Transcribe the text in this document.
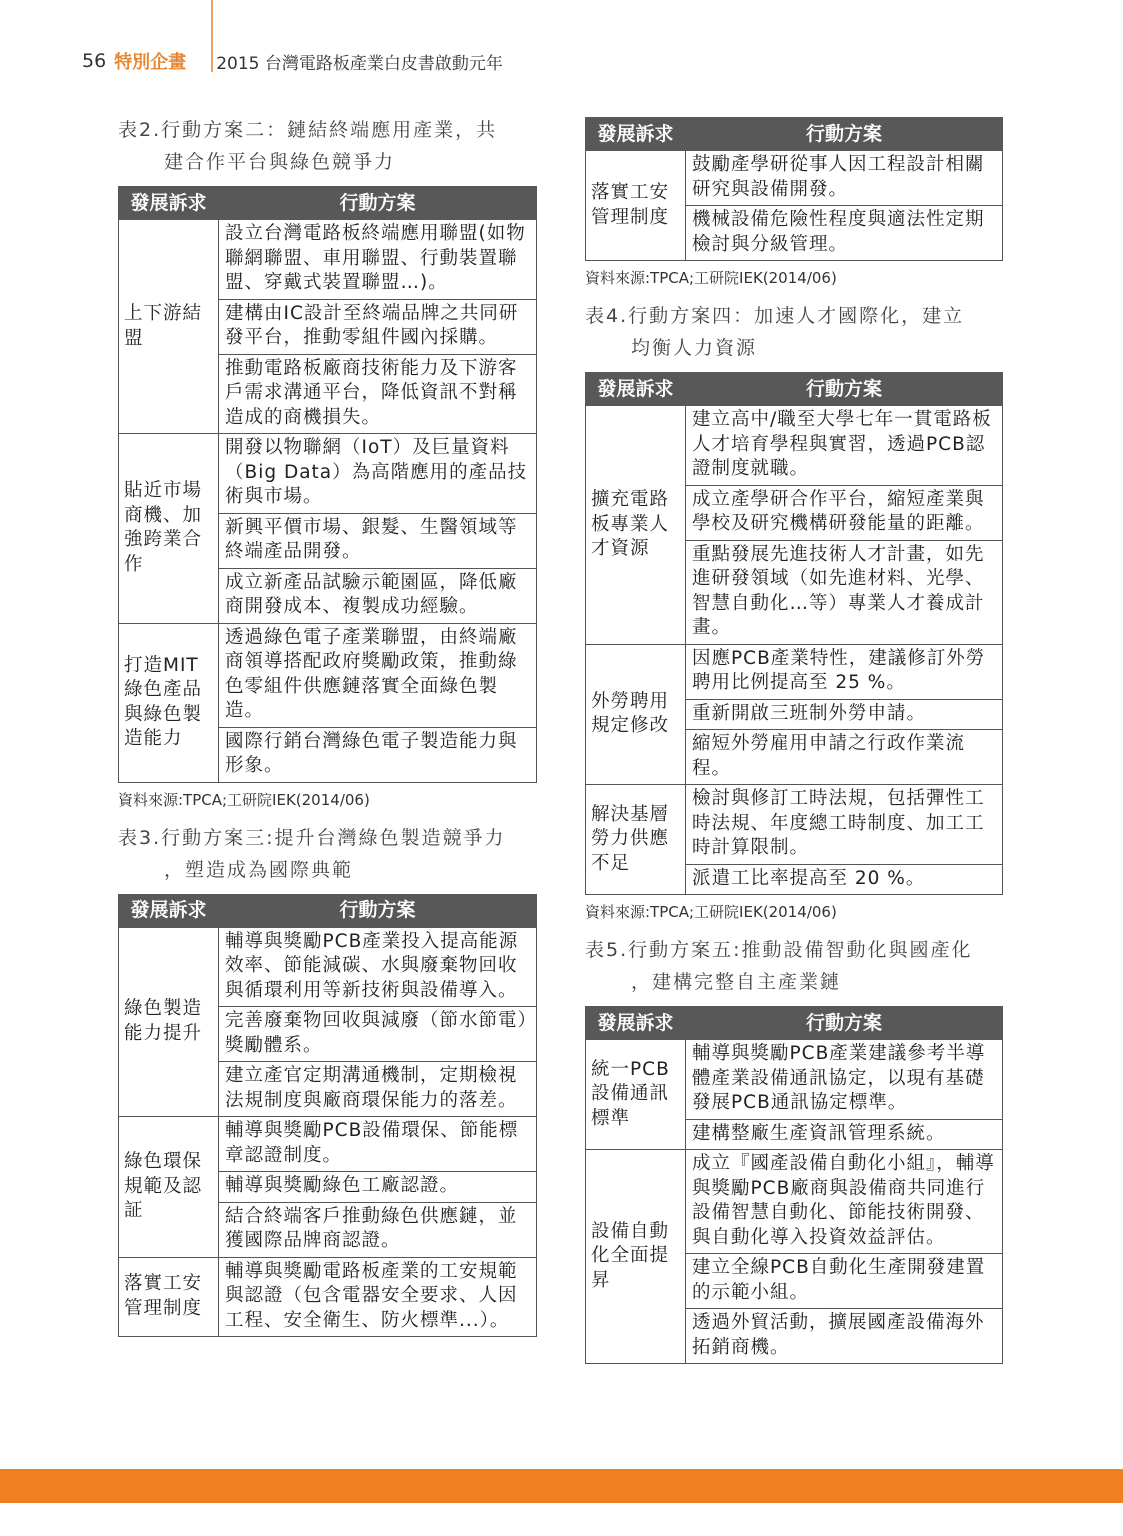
56 特別企畫 2015 台灣電路板產業白皮書啟動元年
表2.行動方案二：鏈結終端應用產業，共
建合作平台與綠色競爭力
發展訴求	行動方案
上下游結盟	設立台灣電路板終端應用聯盟(如物聯網聯盟、車用聯盟、行動裝置聯盟、穿戴式裝置聯盟…)。
	建構由IC設計至終端品牌之共同研發平台，推動零組件國內採購。
	推動電路板廠商技術能力及下游客戶需求溝通平台，降低資訊不對稱造成的商機損失。
貼近市場商機、加強跨業合作	開發以物聯網（IoT）及巨量資料（Big Data）為高階應用的產品技術與市場。
	新興平價市場、銀髮、生醫領域等終端產品開發。
	成立新產品試驗示範園區，降低廠商開發成本、複製成功經驗。
打造MIT綠色產品與綠色製造能力	透過綠色電子產業聯盟，由終端廠商領導搭配政府獎勵政策，推動綠色零組件供應鏈落實全面綠色製造。
	國際行銷台灣綠色電子製造能力與形象。
資料來源:TPCA;工研院IEK(2014/06)
表3.行動方案三:提升台灣綠色製造競爭力
，塑造成為國際典範
發展訴求	行動方案
綠色製造能力提升	輔導與獎勵PCB產業投入提高能源效率、節能減碳、水與廢棄物回收與循環利用等新技術與設備導入。
	完善廢棄物回收與減廢（節水節電）獎勵體系。
	建立產官定期溝通機制，定期檢視法規制度與廠商環保能力的落差。
綠色環保規範及認証	輔導與獎勵PCB設備環保、節能標章認證制度。
	輔導與獎勵綠色工廠認證。
	結合終端客戶推動綠色供應鏈，並獲國際品牌商認證。
落實工安管理制度	輔導與獎勵電路板產業的工安規範與認證（包含電器安全要求、人因工程、安全衛生、防火標準...）。
發展訴求	行動方案
落實工安管理制度	鼓勵產學研從事人因工程設計相關研究與設備開發。
	機械設備危險性程度與適法性定期檢討與分級管理。
資料來源:TPCA;工研院IEK(2014/06)
表4.行動方案四：加速人才國際化，建立
均衡人力資源
發展訴求	行動方案
擴充電路板專業人才資源	建立高中/職至大學七年一貫電路板人才培育學程與實習，透過PCB認證制度就職。
	成立產學研合作平台，縮短產業與學校及研究機構研發能量的距離。
	重點發展先進技術人才計畫，如先進研發領域（如先進材料、光學、智慧自動化…等）專業人才養成計畫。
外勞聘用規定修改	因應PCB產業特性，建議修訂外勞聘用比例提高至 25 %。
	重新開啟三班制外勞申請。
	縮短外勞雇用申請之行政作業流程。
解決基層勞力供應不足	檢討與修訂工時法規，包括彈性工時法規、年度總工時制度、加工工時計算限制。
	派遣工比率提高至 20 %。
資料來源:TPCA;工研院IEK(2014/06)
表5.行動方案五:推動設備智動化與國產化
，建構完整自主產業鏈
發展訴求	行動方案
統一PCB設備通訊標準	輔導與獎勵PCB產業建議參考半導體產業設備通訊協定，以現有基礎發展PCB通訊協定標準。
	建構整廠生產資訊管理系統。
設備自動化全面提昇	成立『國產設備自動化小組』，輔導與獎勵PCB廠商與設備商共同進行設備智慧自動化、節能技術開發、與自動化導入投資效益評估。
	建立全線PCB自動化生產開發建置的示範小組。
	透過外貿活動，擴展國產設備海外拓銷商機。
